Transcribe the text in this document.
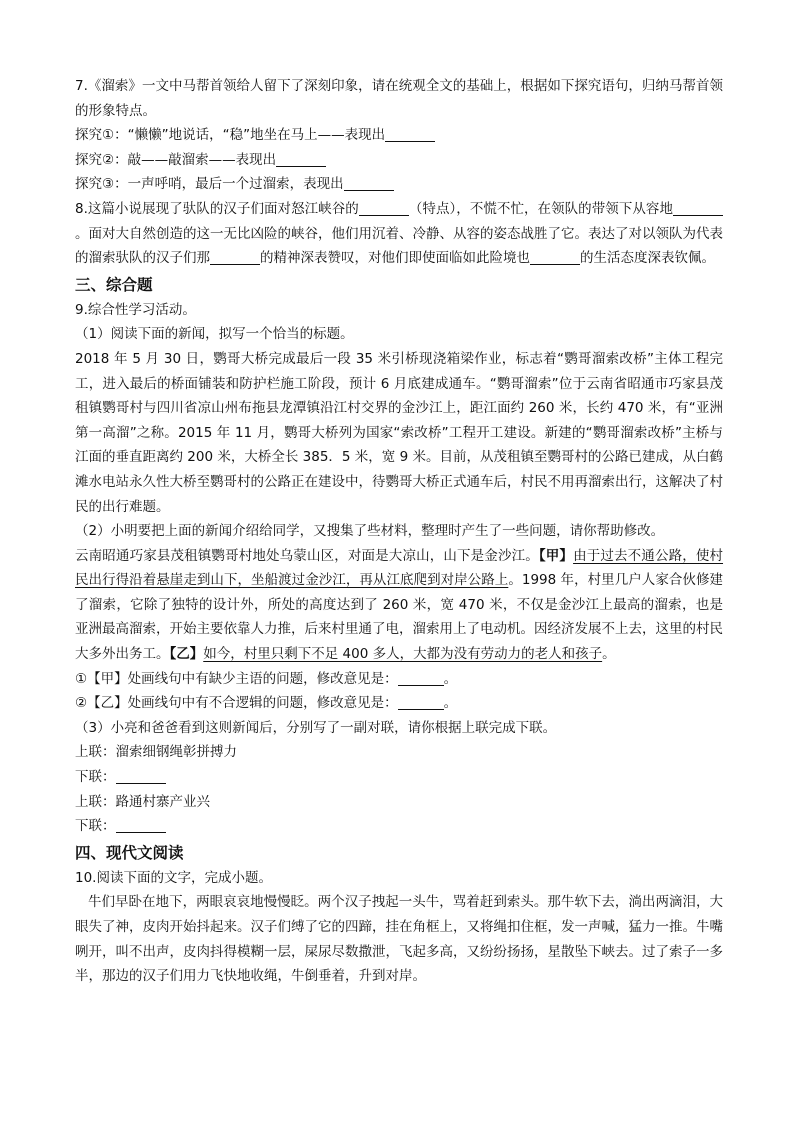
7.《溜索》一文中马帮首领给人留下了深刻印象，请在统观全文的基础上，根据如下探究语句，归纳马帮首领的形象特点。

探究①：“懒懒”地说话，“稳”地坐在马上——表现出

探究②：敲——敲溜索——表现出

探究③：一声呼哨，最后一个过溜索，表现出

8.这篇小说展现了驮队的汉子们面对怒江峡谷的	（特点），不慌不忙，在领队的带领下从容地。面对大自然创造的这一无比凶险的峡谷，他们用沉着、冷静、从容的姿态战胜了它。表达了对以领队为代表的溜索驮队的汉子们那	的精神深表赞叹，对他们即使面临如此险境也	的生活态度深表钦佩。

三、综合题

9.综合性学习活动。

（1）阅读下面的新闻，拟写一个恰当的标题。

2018 年 5 月 30 日，鹦哥大桥完成最后一段 35 米引桥现浇箱梁作业，标志着“鹦哥溜索改桥”主体工程完工，进入最后的桥面铺装和防护栏施工阶段，预计 6 月底建成通车。“鹦哥溜索”位于云南省昭通市巧家县茂租镇鹦哥村与四川省凉山州布拖县龙潭镇沿江村交界的金沙江上，距江面约 260 米，长约 470 米，有“亚洲第一高溜”之称。2015 年 11 月，鹦哥大桥列为国家“索改桥”工程开工建设。新建的“鹦哥溜索改桥”主桥与江面的垂直距离约 200 米，大桥全长 385．5 米，宽 9 米。目前，从茂租镇至鹦哥村的公路已建成，从白鹤滩水电站永久性大桥至鹦哥村的公路正在建设中，待鹦哥大桥正式通车后，村民不用再溜索出行，这解决了村民的出行难题。

（2）小明要把上面的新闻介绍给同学，又搜集了些材料，整理时产生了一些问题，请你帮助修改。

云南昭通巧家县茂租镇鹦哥村地处乌蒙山区，对面是大凉山，山下是金沙江。【甲】由于过去不通公路，使村民出行得沿着悬崖走到山下，坐船渡过金沙江，再从江底爬到对岸公路上。1998 年，村里几户人家合伙修建了溜索，它除了独特的设计外，所处的高度达到了 260 米，宽 470 米，不仅是金沙江上最高的溜索，也是亚洲最高溜索，开始主要依靠人力推，后来村里通了电，溜索用上了电动机。因经济发展不上去，这里的村民大多外出务工。【乙】如今，村里只剩下不足 400 多人，大都为没有劳动力的老人和孩子。

①【甲】处画线句中有缺少主语的问题，修改意见是：	。

②【乙】处画线句中有不合逻辑的问题，修改意见是：	。

（3）小亮和爸爸看到这则新闻后，分别写了一副对联，请你根据上联完成下联。

上联：溜索细钢绳彰拼搏力

下联：

上联：路通村寨产业兴

下联：

四、现代文阅读

10.阅读下面的文字，完成小题。

牛们早卧在地下，两眼哀哀地慢慢眨。两个汉子拽起一头牛，骂着赶到索头。那牛软下去，淌出两滴泪，大眼失了神，皮肉开始抖起来。汉子们缚了它的四蹄，挂在角框上，又将绳扣住框，发一声喊，猛力一推。牛嘴咧开，叫不出声，皮肉抖得模糊一层，屎尿尽数撒泄，飞起多高，又纷纷扬扬，星散坠下峡去。过了索子一多半，那边的汉子们用力飞快地收绳，牛倒垂着，升到对岸。
